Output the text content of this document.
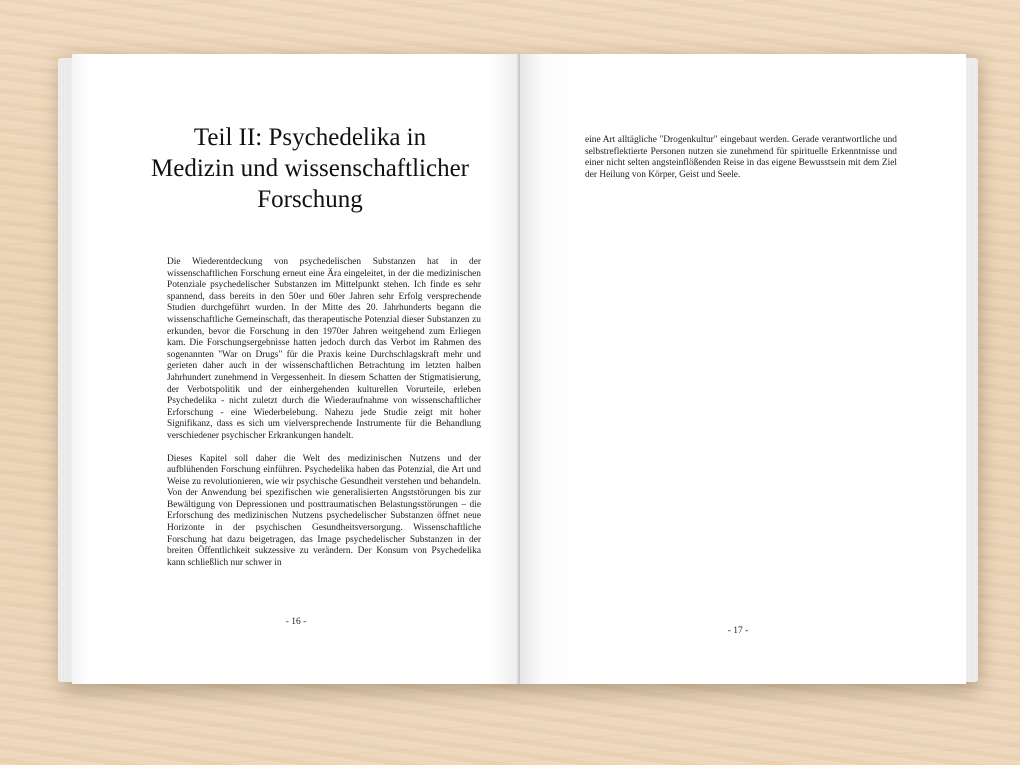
Teil II: Psychedelika in Medizin und wissenschaftlicher Forschung

Die Wiederentdeckung von psychedelischen Substanzen hat in der wissenschaftlichen Forschung erneut eine Ära eingeleitet, in der die medizinischen Potenziale psychedelischer Substanzen im Mittelpunkt stehen. Ich finde es sehr spannend, dass bereits in den 50er und 60er Jahren sehr Erfolg versprechende Studien durchgeführt wurden. In der Mitte des 20. Jahrhunderts begann die wissenschaftliche Gemeinschaft, das therapeutische Potenzial dieser Substanzen zu erkunden, bevor die Forschung in den 1970er Jahren weitgehend zum Erliegen kam. Die Forschungsergebnisse hatten jedoch durch das Verbot im Rahmen des sogenannten "War on Drugs" für die Praxis keine Durchschlagskraft mehr und gerieten daher auch in der wissenschaftlichen Betrachtung im letzten halben Jahrhundert zunehmend in Vergessenheit. In diesem Schatten der Stigmatisierung, der Verbotspolitik und der einhergehenden kulturellen Vorurteile, erleben Psychedelika - nicht zuletzt durch die Wiederaufnahme von wissenschaftlicher Erforschung - eine Wiederbelebung. Nahezu jede Studie zeigt mit hoher Signifikanz, dass es sich um vielversprechende Instrumente für die Behandlung verschiedener psychischer Erkrankungen handelt.

Dieses Kapitel soll daher die Welt des medizinischen Nutzens und der aufblühenden Forschung einführen. Psychedelika haben das Potenzial, die Art und Weise zu revolutionieren, wie wir psychische Gesundheit verstehen und behandeln. Von der Anwendung bei spezifischen wie generalisierten Angststörungen bis zur Bewältigung von Depressionen und posttraumatischen Belastungsstörungen – die Erforschung des medizinischen Nutzens psychedelischer Substanzen öffnet neue Horizonte in der psychischen Gesundheitsversorgung. Wissenschaftliche Forschung hat dazu beigetragen, das Image psychedelischer Substanzen in der breiten Öffentlichkeit sukzessive zu verändern. Der Konsum von Psychedelika kann schließlich nur schwer in

- 16 -

eine Art alltägliche "Drogenkultur" eingebaut werden. Gerade verantwortliche und selbstreflektierte Personen nutzen sie zunehmend für spirituelle Erkenntnisse und einer nicht selten angsteinflößenden Reise in das eigene Bewusstsein mit dem Ziel der Heilung von Körper, Geist und Seele.

- 17 -
